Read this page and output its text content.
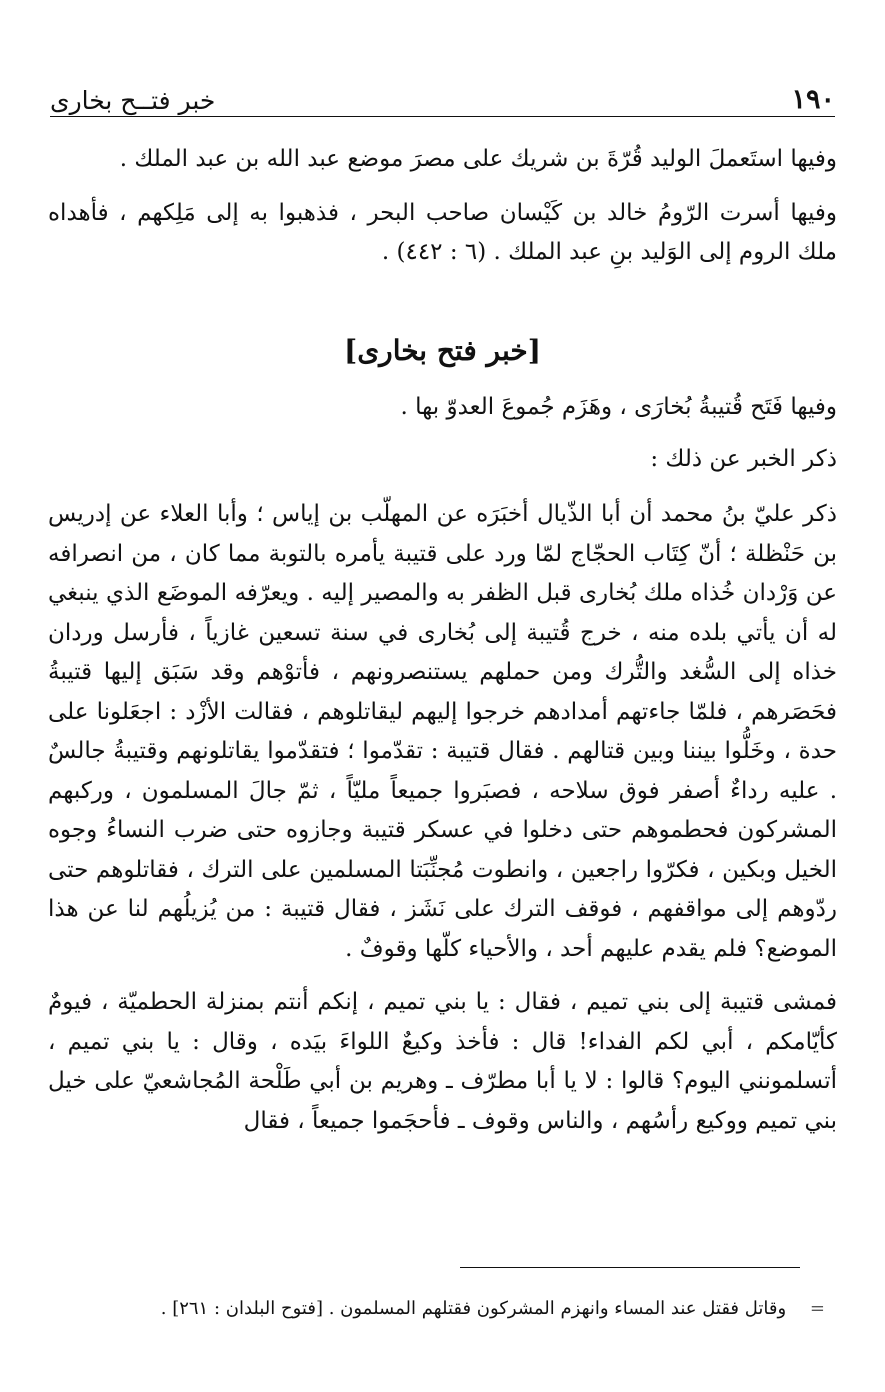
١٩٠
خبر فتــح بخارى

وفيها استَعملَ الوليد قُرّةَ بن شريك على مصرَ موضع عبد الله بن عبد الملك .

وفيها أسرت الرّومُ خالد بن كَيْسان صاحب البحر ، فذهبوا به إلى مَلِكهم ، فأهداه ملك الروم إلى الوَليد بنِ عبد الملك . (٦ : ٤٤٢) .

[خبر فتح بخارى]

وفيها فَتَح قُتيبةُ بُخارَى ، وهَزَم جُموعَ العدوّ بها .

ذكر الخبر عن ذلك :

ذكر عليّ بنُ محمد أن أبا الذّيال أخبَرَه عن المهلّب بن إياس ؛ وأبا العلاء عن إدريس بن حَنْظلة ؛ أنّ كِتَاب الحجّاج لمّا ورد على قتيبة يأمره بالتوبة مما كان ، من انصرافه عن وَرْدان خُذاه ملك بُخارى قبل الظفر به والمصير إليه . ويعرّفه الموضَع الذي ينبغي له أن يأتي بلده منه ، خرج قُتيبة إلى بُخارى في سنة تسعين غازياً ، فأرسل وردان خذاه إلى السُّغد والتُّرك ومن حملهم يستنصرونهم ، فأتوْهم وقد سَبَق إليها قتيبةُ فحَصَرهم ، فلمّا جاءتهم أمدادهم خرجوا إليهم ليقاتلوهم ، فقالت الأزْد : اجعَلونا على حدة ، وخَلُّوا بيننا وبين قتالهم . فقال قتيبة : تقدّموا ؛ فتقدّموا يقاتلونهم وقتيبةُ جالسٌ . عليه رداءٌ أصفر فوق سلاحه ، فصبَروا جميعاً مليّاً ، ثمّ جالَ المسلمون ، وركبهم المشركون فحطموهم حتى دخلوا في عسكر قتيبة وجازوه حتى ضرب النساءُ وجوه الخيل وبكين ، فكرّوا راجعين ، وانطوت مُجنِّبَتا المسلمين على الترك ، فقاتلوهم حتى ردّوهم إلى مواقفهم ، فوقف الترك على نَشَز ، فقال قتيبة : من يُزيلُهم لنا عن هذا الموضع؟ فلم يقدم عليهم أحد ، والأحياء كلّها وقوفٌ .

فمشى قتيبة إلى بني تميم ، فقال : يا بني تميم ، إنكم أنتم بمنزلة الحطميّة ، فيومٌ كأيّامكم ، أبي لكم الفداء! قال : فأخذ وكيعٌ اللواءَ بيَده ، وقال : يا بني تميم ، أتسلمونني اليوم؟ قالوا : لا يا أبا مطرّف ـ وهريم بن أبي طَلْحة المُجاشعيّ على خيل بني تميم ووكيع رأسُهم ، والناس وقوف ـ فأحجَموا جميعاً ، فقال

= وقاتل فقتل عند المساء وانهزم المشركون فقتلهم المسلمون . [فتوح البلدان : ٢٦١] .
